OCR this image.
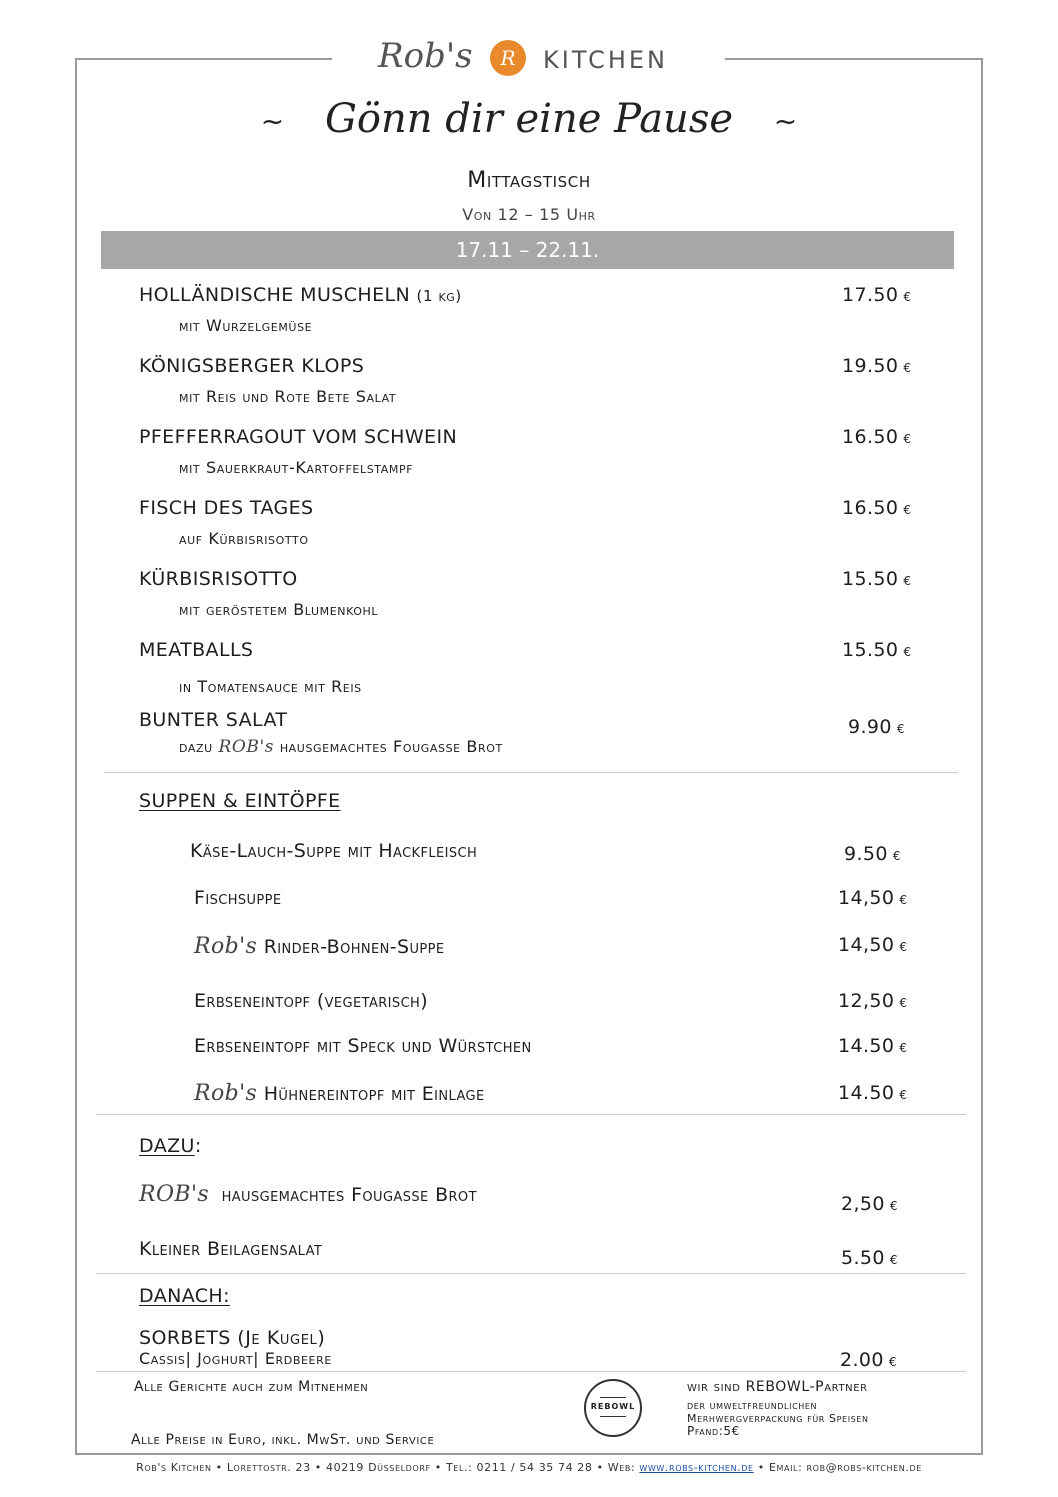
Rob's	R	KITCHEN
~ Gönn dir eine Pause ~
Mittagstisch
Von 12 – 15 Uhr
17.11 – 22.11.
HOLLÄNDISCHE MUSCHELN (1 kg)
mit Wurzelgemüse
17.50 €
KÖNIGSBERGER KLOPS
mit Reis und Rote Bete Salat
19.50 €
PFEFFERRAGOUT VOM SCHWEIN
mit Sauerkraut-Kartoffelstampf
16.50 €
FISCH DES TAGES
auf Kürbisrisotto
16.50 €
KÜRBISRISOTTO
mit geröstetem Blumenkohl
15.50 €
MEATBALLS
in Tomatensauce mit Reis
15.50 €
BUNTER SALAT
dazu ROB's hausgemachtes Fougasse Brot
9.90 €
SUPPEN & EINTÖPFE
Käse-Lauch-Suppe mit Hackfleisch	9.50 €
Fischsuppe	14,50 €
Rob's Rinder-Bohnen-Suppe	14,50 €
Erbseneintopf (vegetarisch)	12,50 €
Erbseneintopf mit Speck und Würstchen	14.50 €
Rob's Hühnereintopf mit Einlage	14.50 €
DAZU:
ROB's hausgemachtes Fougasse Brot	2,50 €
Kleiner Beilagensalat	5.50 €
DANACH:
SORBETS (Je Kugel)
Cassis| Joghurt| Erdbeere	2.00 €
Alle Gerichte auch zum Mitnehmen
Alle Preise in Euro, inkl. MwSt. und Service
REBOWL
wir sind REBOWL-Partner
der umweltfreundlichen
Merhwergverpackung für Speisen
Pfand:5€
Rob's Kitchen • Lorettostr. 23 • 40219 Düsseldorf • Tel.: 0211 / 54 35 74 28 • Web: www.robs-kitchen.de • Email: rob@robs-kitchen.de
